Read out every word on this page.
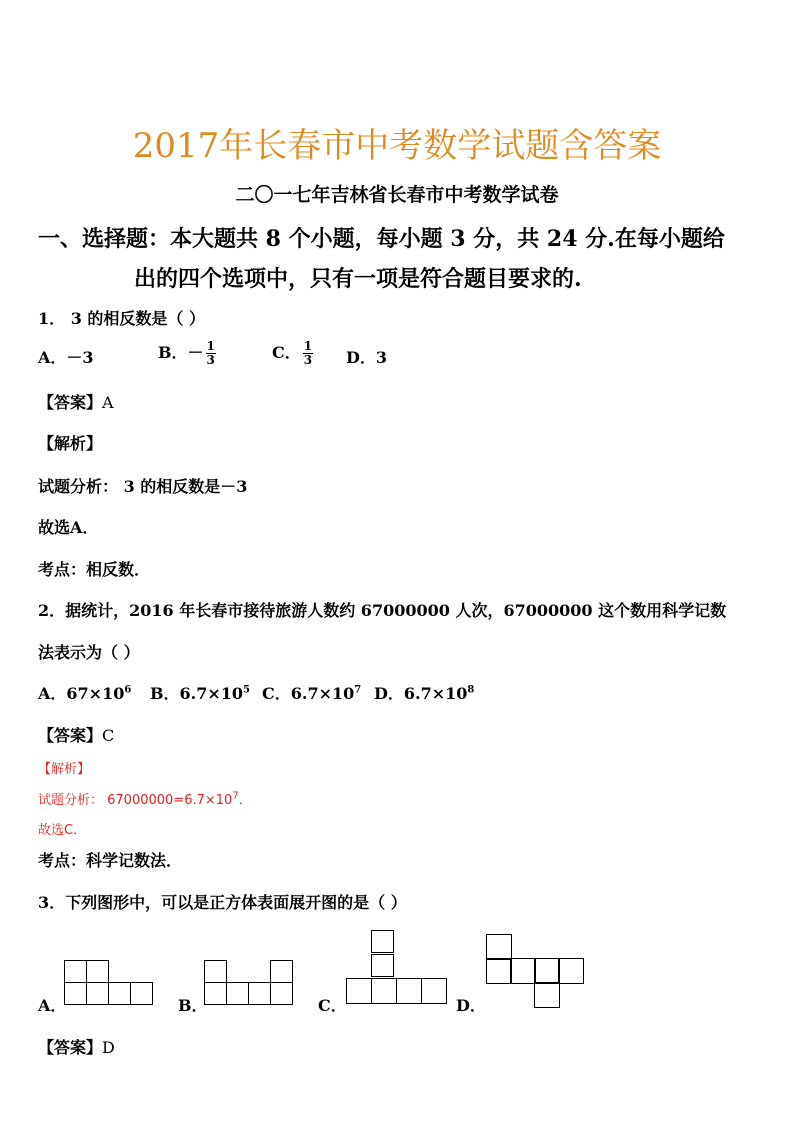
2017年长春市中考数学试题含答案
二〇一七年吉林省长春市中考数学试卷
一、选择题：本大题共 8 个小题，每小题 3 分，共 24 分.在每小题给
出的四个选项中，只有一项是符合题目要求的.
1． 3 的相反数是（ ）
A．－3	B．－ $\frac{1}{3}$	C． $\frac{1}{3}$ D．3
【答案】A
【解析】
试题分析： 3 的相反数是－3
故选A．
考点：相反数．
2．据统计，2016 年长春市接待旅游人数约 67000000 人次，67000000 这个数用科学记数
法表示为（ ）
A．$67\times 10^6$ B．$6.7\times 10^5$ C．$6.7\times 10^7$ D．$6.7\times 10^8$
【答案】C
【解析】
试题分析： $67000000=6.7\times 10^7$．
故选C．
考点：科学记数法．
3．下列图形中，可以是正方体表面展开图的是（ ）
A．	B．	C．	D．
【答案】D
